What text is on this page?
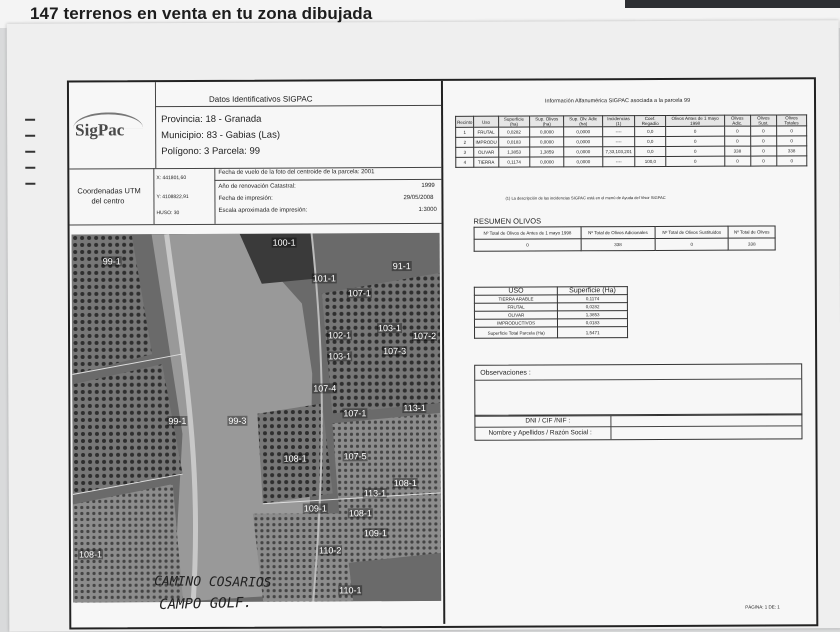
147 terrenos en venta en tu zona dibujada
SigPac
Datos Identificativos SIGPAC
Provincia: 18 - Granada
Municipio: 83 - Gabias (Las)
Polígono: 3 Parcela: 99
Coordenadas UTM
del centro
X: 441801,60
Y: 4108822,91
HUSO: 30
Fecha de vuelo de la foto del centroide de la parcela: 2001
Año de renovación Catastral:	1999
Fecha de impresión:	29/05/2008
Escala aproximada de impresión:	1:3000
100-1
99-1	91-1
101-1
107-1
103-1
102-1	107-2
103-1
107-3
107-4
99-1	99-3
107-1
108-1	107-5
108-1
113-1
109-1 108-1
110-2
109-1
108-1
113-1
110-1
Información Alfanumérica SIGPAC asociada a la parcela 99
Recinto	Uso	Superficie (ha)	Sup. Olivos (ha)	Sup. Olv. Adic (ha)	Incidencias (1)	Coef. Regadío	Olivos Antes de 1 mayo 1998	Olivos Adic.	Olivos Sust.	Olivos Totales
1	FRUTAL	0,0282	0,0000	0,0000	----	0,0	0	0	0	0
2	IMPRODU	0,0183	0,0000	0,0000	----	0,0	0	0	0	0
3	OLIVAR	1,3853	1,3859	0,0000	7,33,103,201	0,0	0	338	0	338
4	TIERRA	0,1174	0,0000	0,0000	----	100,0	0	0	0	0
(1) La descripción de las incidencias SIGPAC está en el menú de Ayuda del Visor SIGPAC
RESUMEN OLIVOS
Nº Total de Olivos de Antes de 1 mayo 1998	Nº Total de Olivos Adicionales	Nº Total de Olivos Sustituidos	Nº Total de Olivos
0	338	0	338
USO	Superficie (Ha)
TIERRA ARABLE	0,1174
FRUTAL	0,0282
OLIVAR	1,3853
IMPRODUCTIVOS	0,0183
Superficie Total Parcela (Ha)	1,5471
Observaciones :
DNI / CIF /NIF :
Nombre y Apellidos / Razón Social :
PÁGINA: 1 DE: 1
CAMINO COSARIOS
CAMPO GOLF.
